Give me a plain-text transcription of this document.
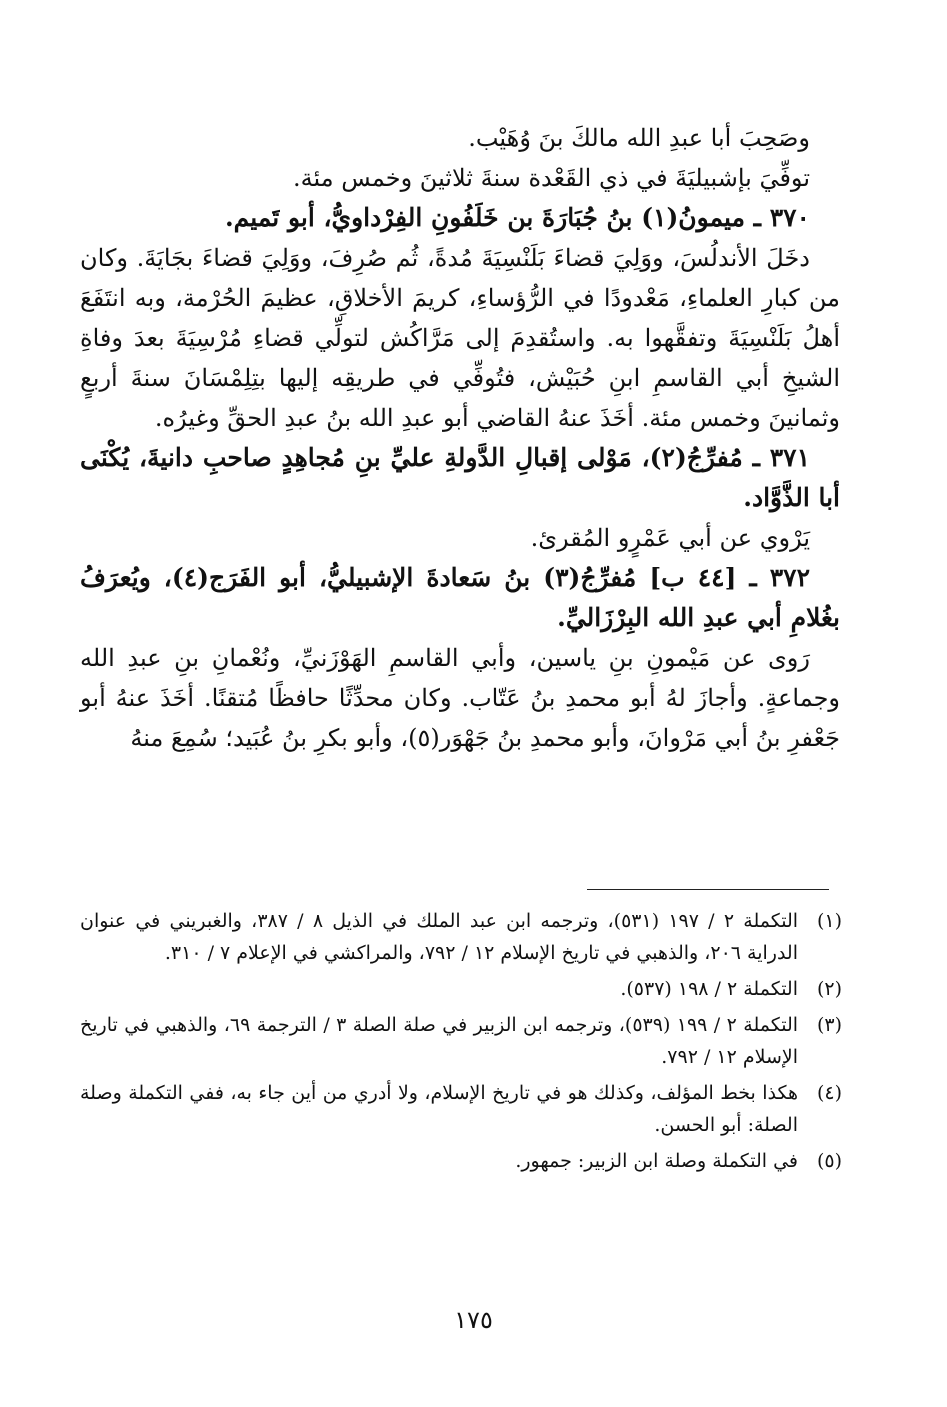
وصَحِبَ أبا عبدِ الله مالكَ بنَ وُهَيْب.

توفِّيَ بإشبيليَةَ في ذي القَعْدة سنةَ ثلاثينَ وخمس مئة.

٣٧٠ ـ ميمونُ(١) بنُ جُبَارَةَ بن خَلَفُونِ الفِرْداويُّ، أبو تَميم.

دخَلَ الأندلُسَ، ووَلِيَ قضاءَ بَلَنْسِيَةَ مُدةً، ثُم صُرِفَ، ووَلِيَ قضاءَ بجَايَةَ. وكان من كبارِ العلماءِ، مَعْدودًا في الرُّؤساءِ، كريمَ الأخلاقِ، عظيمَ الحُرْمة، وبه انتَفَعَ أهلُ بَلَنْسِيَةَ وتفقَّهوا به. واستُقدِمَ إلى مَرَّاكُش لتولِّي قضاءِ مُرْسِيَةَ بعدَ وفاةِ الشيخِ أبي القاسمِ ابنِ حُبَيْش، فتُوفِّي في طريقِه إليها بتِلِمْسَانَ سنةَ أربعٍ وثمانينَ وخمس مئة. أخَذَ عنهُ القاضي أبو عبدِ الله بنُ عبدِ الحقِّ وغيرُه.

٣٧١ ـ مُفرِّجُ(٢)، مَوْلى إقبالِ الدَّولةِ عليِّ بنِ مُجاهِدٍ صاحبِ دانيةَ، يُكْنَى أبا الذَّوَّاد.

يَرْوي عن أبي عَمْرٍو المُقرئ.

٣٧٢ ـ [٤٤ ب] مُفرِّجُ(٣) بنُ سَعادةَ الإشبيليُّ، أبو الفَرَج(٤)، ويُعرَفُ بغُلامِ أبي عبدِ الله البِرْزَاليِّ.

رَوى عن مَيْمونِ بنِ ياسين، وأبي القاسمِ الهَوْزَنيِّ، ونُعْمانِ بنِ عبدِ الله وجماعةٍ. وأجازَ لهُ أبو محمدِ بنُ عَتّاب. وكان محدِّثًا حافظًا مُتقنًا. أخَذَ عنهُ أبو جَعْفرِ بنُ أبي مَرْوانَ، وأبو محمدِ بنُ جَهْوَر(٥)، وأبو بكرِ بنُ عُبَيد؛ سُمِعَ منهُ

(١)
التكملة ٢ / ١٩٧ (٥٣١)، وترجمه ابن عبد الملك في الذيل ٨ / ٣٨٧، والغبريني في عنوان الدراية ٢٠٦، والذهبي في تاريخ الإسلام ١٢ / ٧٩٢، والمراكشي في الإعلام ٧ / ٣١٠.
(٢)
التكملة ٢ / ١٩٨ (٥٣٧).
(٣)
التكملة ٢ / ١٩٩ (٥٣٩)، وترجمه ابن الزبير في صلة الصلة ٣ / الترجمة ٦٩، والذهبي في تاريخ الإسلام ١٢ / ٧٩٢.
(٤)
هكذا بخط المؤلف، وكذلك هو في تاريخ الإسلام، ولا أدري من أين جاء به، ففي التكملة وصلة الصلة: أبو الحسن.
(٥)
في التكملة وصلة ابن الزبير: جمهور.
١٧٥
